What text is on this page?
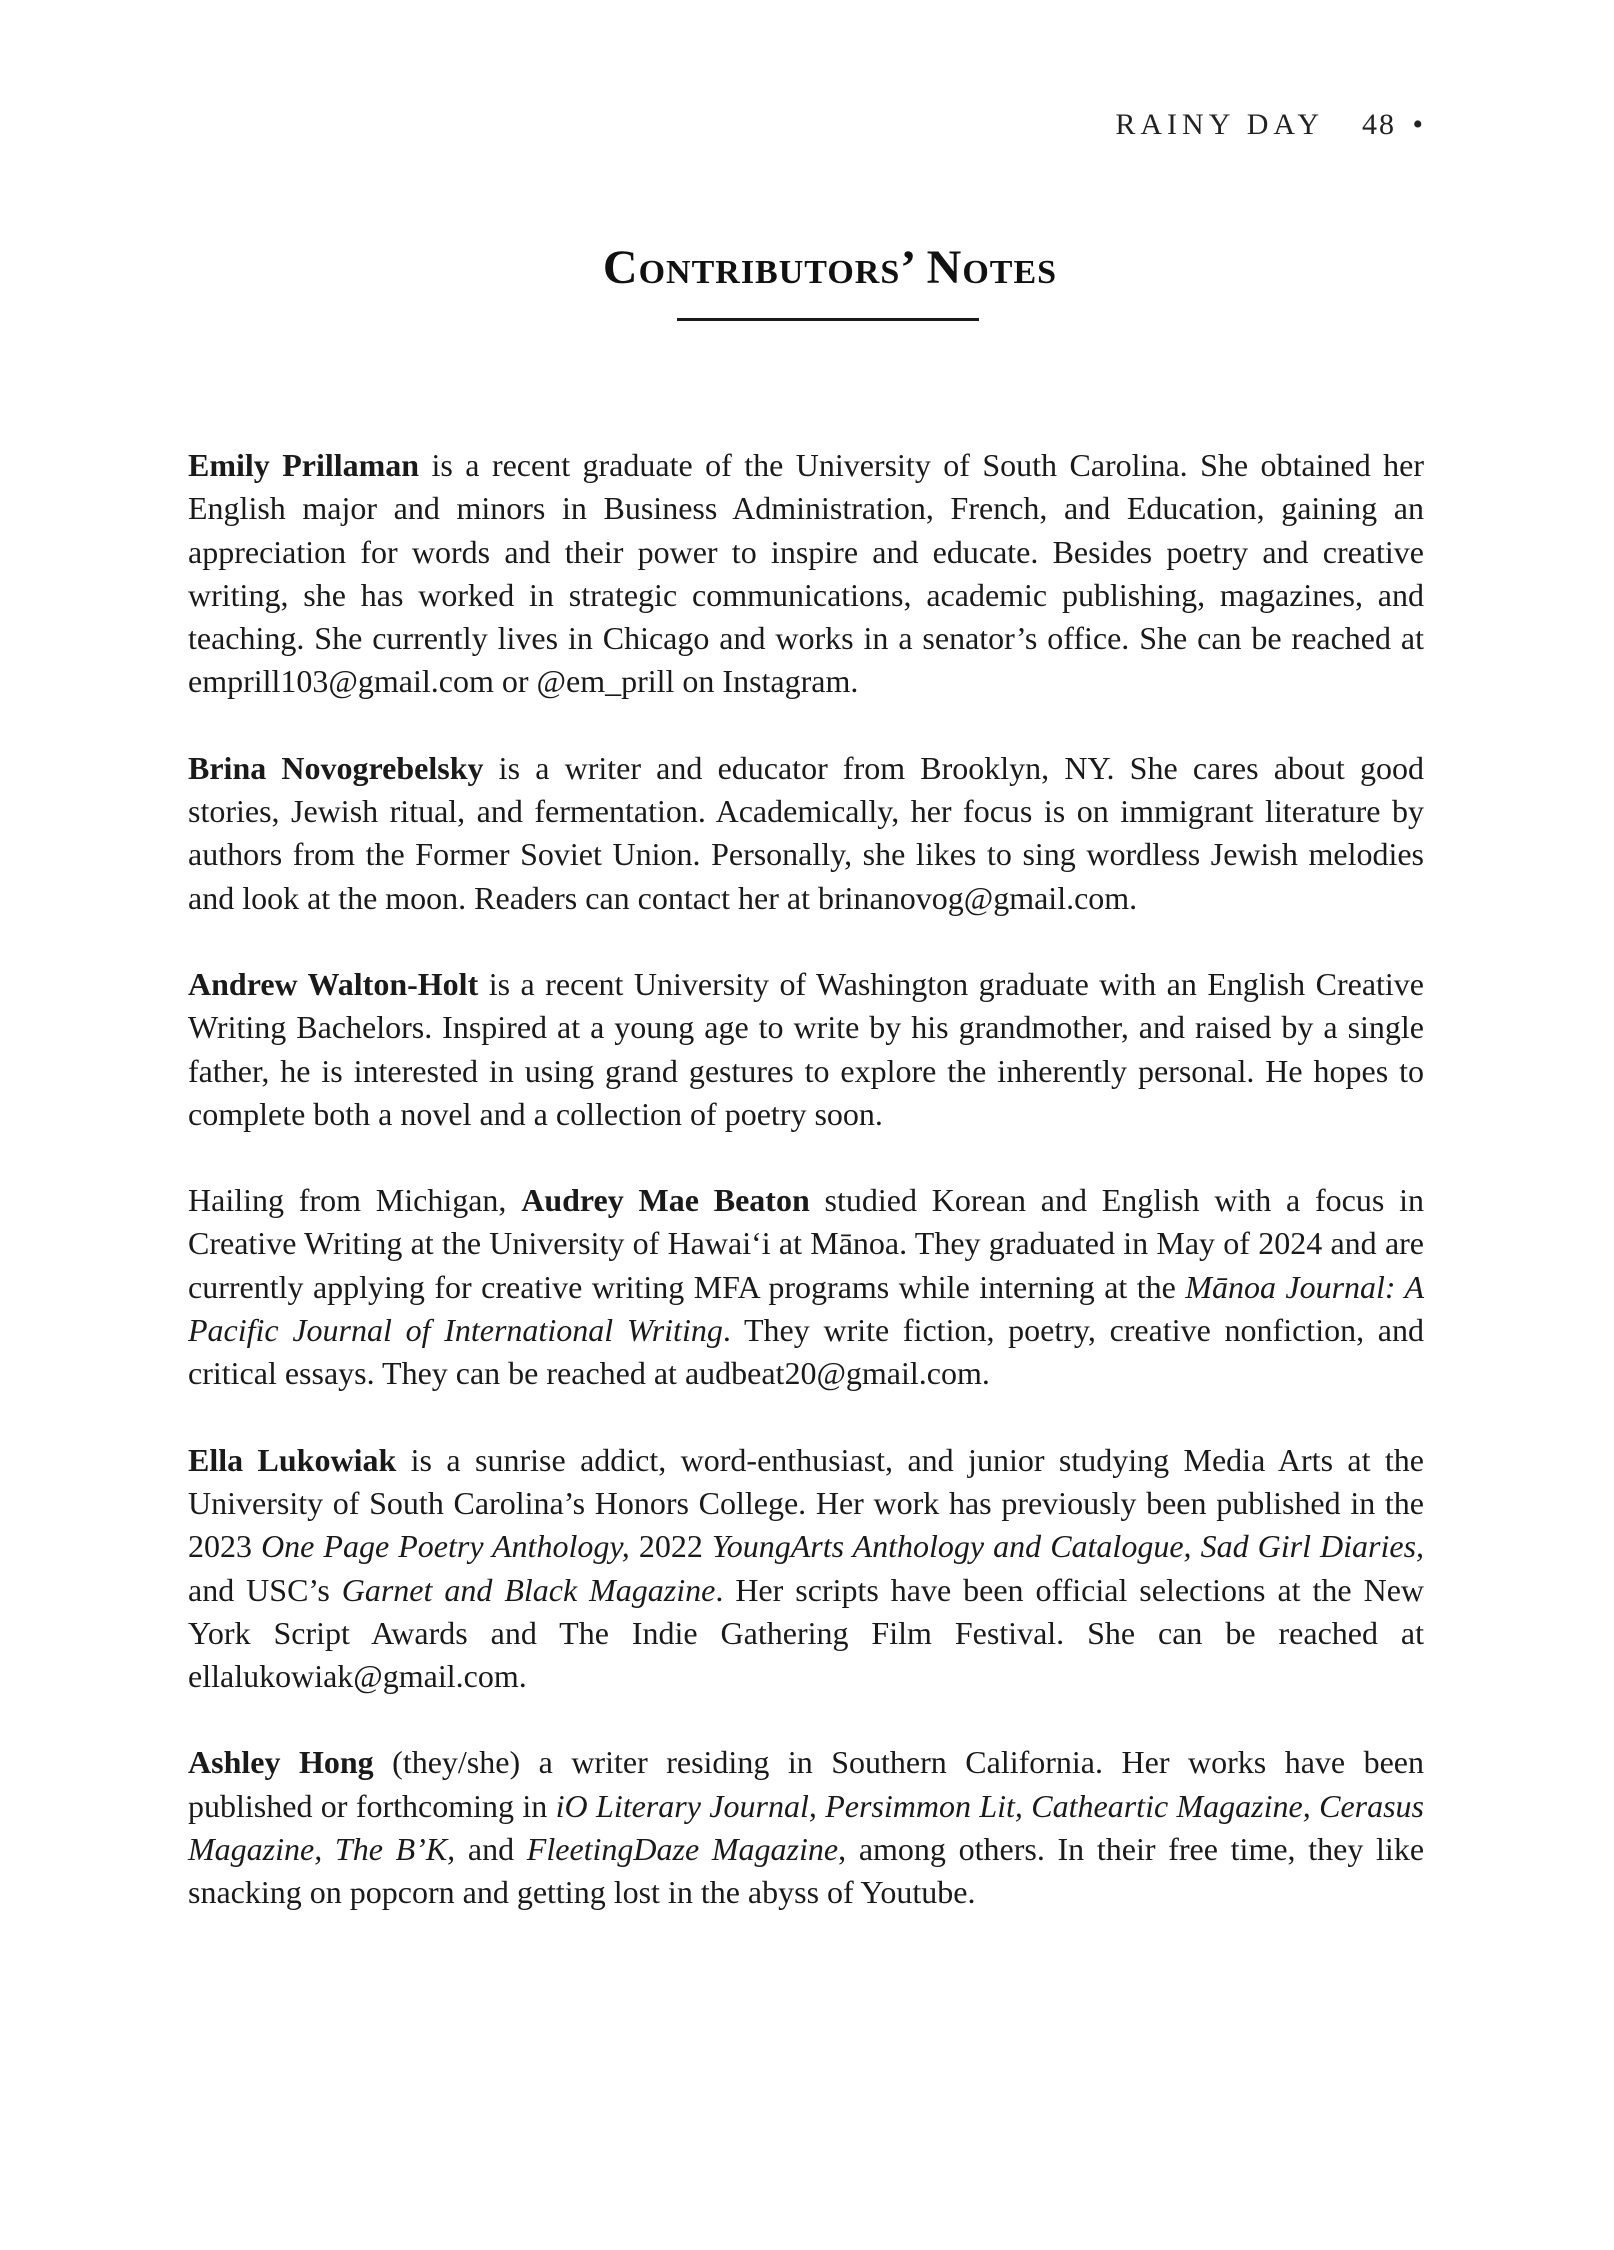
RAINY DAY 48 •
Contributors’ Notes

Emily Prillaman is a recent graduate of the University of South Carolina. She obtained her English major and minors in Business Administration, French, and Education, gaining an appreciation for words and their power to inspire and educate. Besides poetry and creative writing, she has worked in strategic communications, academic publishing, magazines, and teaching. She currently lives in Chicago and works in a senator’s office. She can be reached at emprill103@gmail.com or @em_prill on Instagram.

Brina Novogrebelsky is a writer and educator from Brooklyn, NY. She cares about good stories, Jewish ritual, and fermentation. Academically, her focus is on immigrant literature by authors from the Former Soviet Union. Personally, she likes to sing wordless Jewish melodies and look at the moon. Readers can contact her at brinanovog@gmail.com.

Andrew Walton-Holt is a recent University of Washington graduate with an English Creative Writing Bachelors. Inspired at a young age to write by his grandmother, and raised by a single father, he is interested in using grand gestures to explore the inherently personal. He hopes to complete both a novel and a collection of poetry soon.

Hailing from Michigan, Audrey Mae Beaton studied Korean and English with a focus in Creative Writing at the University of Hawai‘i at Mānoa. They graduated in May of 2024 and are currently applying for creative writing MFA programs while interning at the Mānoa Journal: A Pacific Journal of International Writing. They write fiction, poetry, creative nonfiction, and critical essays. They can be reached at audbeat20@gmail.com.

Ella Lukowiak is a sunrise addict, word-enthusiast, and junior studying Media Arts at the University of South Carolina’s Honors College. Her work has previously been published in the 2023 One Page Poetry Anthology, 2022 YoungArts Anthology and Catalogue, Sad Girl Diaries, and USC’s Garnet and Black Magazine. Her scripts have been official selections at the New York Script Awards and The Indie Gathering Film Festival. She can be reached at ellalukowiak@gmail.com.

Ashley Hong (they/she) a writer residing in Southern California. Her works have been published or forthcoming in iO Literary Journal, Persimmon Lit, Catheartic Magazine, Cerasus Magazine, The B’K, and FleetingDaze Magazine, among others. In their free time, they like snacking on popcorn and getting lost in the abyss of Youtube.
